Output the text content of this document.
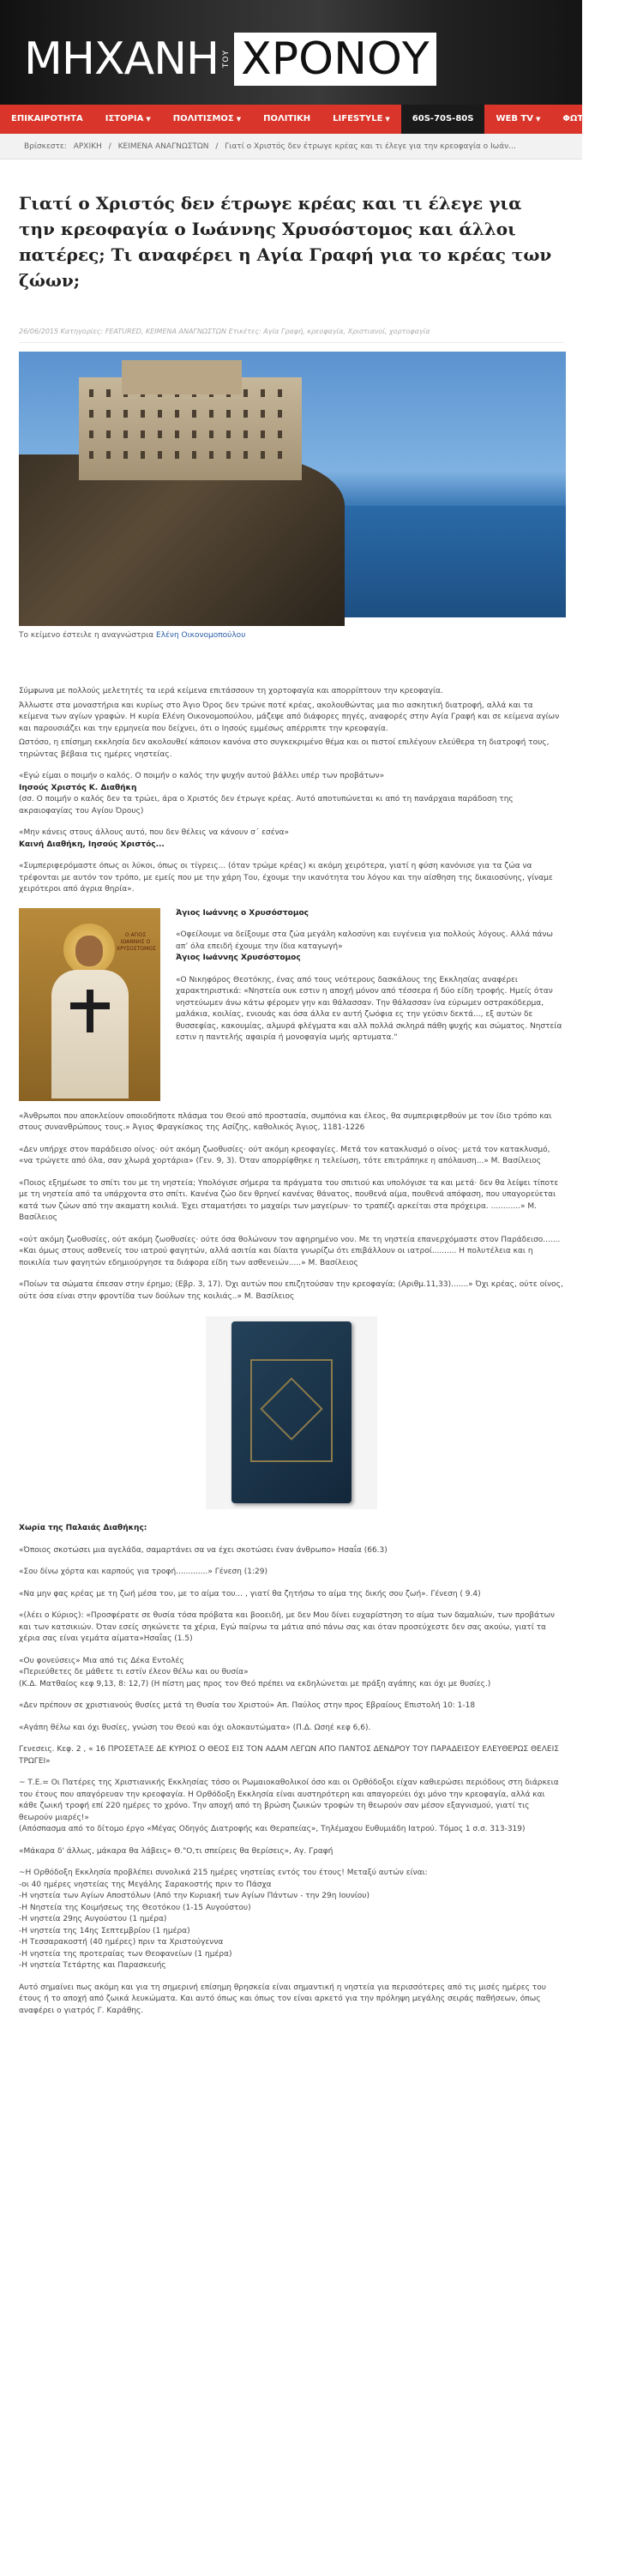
ΜΗΧΑΝΗ ΤΟΥ ΧΡΟΝΟΥ
ΕΠΙΚΑΙΡΟΤΗΤΑ	ΙΣΤΟΡΙΑ ▼	ΠΟΛΙΤΙΣΜΟΣ ▼	ΠΟΛΙΤΙΚΗ	LIFESTYLE ▼	60S-70S-80S	WEB TV ▼	ΦΩΤΟΓΡΑΦΙΑ
Βρίσκεστε: ΑΡΧΙΚΗ / ΚΕΙΜΕΝΑ ΑΝΑΓΝΩΣΤΩΝ / Γιατί ο Χριστός δεν έτρωγε κρέας και τι έλεγε για την κρεοφαγία ο Ιωάν...
Γιατί ο Χριστός δεν έτρωγε κρέας και τι έλεγε για την κρεοφαγία ο Ιωάννης Χρυσόστομος και άλλοι πατέρες; Τι αναφέρει η Αγία Γραφή για το κρέας των ζώων;
26/06/2015 Κατηγορίες: FEATURED, ΚΕΙΜΕΝΑ ΑΝΑΓΝΩΣΤΩΝ Ετικέτες: Αγία Γραφή, κρεοφαγία, Χριστιανοί, χορτοφαγία
Το κείμενο έστειλε η αναγνώστρια Ελένη Οικονομοπούλου

Σύμφωνα με πολλούς μελετητές τα ιερά κείμενα επιτάσσουν τη χορτοφαγία και απορρίπτουν την κρεοφαγία.

Άλλωστε στα μοναστήρια και κυρίως στο Άγιο Όρος δεν τρώνε ποτέ κρέας, ακολουθώντας μια πιο ασκητική διατροφή, αλλά και τα κείμενα των αγίων γραφών. Η κυρία Ελένη Οικονομοπούλου, μάζεψε από διάφορες πηγές, αναφορές στην Αγία Γραφή και σε κείμενα αγίων και παρουσιάζει και την ερμηνεία που δείχνει, ότι ο Ιησούς εμμέσως απέρριπτε την κρεοφαγία.

Ωστόσο, η επίσημη εκκλησία δεν ακολουθεί κάποιον κανόνα στο συγκεκριμένο θέμα και οι πιστοί επιλέγουν ελεύθερα τη διατροφή τους, τηρώντας βέβαια τις ημέρες νηστείας.

«Εγώ είμαι ο ποιμήν ο καλός. Ο ποιμήν ο καλός την ψυχήν αυτού βάλλει υπέρ των προβάτων»
Ιησούς Χριστός Κ. Διαθήκη
(σσ. Ο ποιμήν ο καλός δεν τα τρώει, άρα ο Χριστός δεν έτρωγε κρέας. Αυτό αποτυπώνεται κι από τη πανάρχαια παράδοση της ακραιοφαγίας του Αγίου Όρους)

«Μην κάνεις στους άλλους αυτό, που δεν θέλεις να κάνουν σ΄ εσένα»
Καινή Διαθήκη, Ιησούς Χριστός...

«Συμπεριφερόμαστε όπως οι λύκοι, όπως οι τίγρεις... (όταν τρώμε κρέας) κι ακόμη χειρότερα, γιατί η φύση κανόνισε για τα ζώα να τρέφονται με αυτόν τον τρόπο, με εμείς που με την χάρη Του, έχουμε την ικανότητα του λόγου και την αίσθηση της δικαιοσύνης, γίναμε χειρότεροι από άγρια θηρία».

Ο ΑΓΙΟΣ ΙΩΑΝΝΗΣ Ο ΧΡΥΣΟΣΤΟΜΟΣ

Άγιος Ιωάννης ο Χρυσόστομος

«Οφείλουμε να δείξουμε στα ζώα μεγάλη καλοσύνη και ευγένεια για πολλούς λόγους. Αλλά πάνω απ’ όλα επειδή έχουμε την ίδια καταγωγή»
Άγιος Ιωάννης Χρυσόστομος

«Ο Νικηφόρος Θεοτόκης, ένας από τους νεότερους δασκάλους της Εκκλησίας αναφέρει χαρακτηριστικά: «Νηστεία ουκ εστιν η αποχή μόνον από τέσσερα ή δύο είδη τροφής. Ημείς όταν νηστεύωμεν άνω κάτω φέρομεν γην και θάλασσαν. Την θάλασσαν ίνα εύρωμεν οστρακόδερμα, μαλάκια, κοιλίας, ενιουάς και όσα άλλα εν αυτή ζωόφια ες την γεύσιν δεκτά..., εξ αυτών δε θυσσεφίας, κακουμίας, αλμυρά φλέγματα και αλλ πολλά σκληρά πάθη ψυχής και σώματος. Νηστεία εστιν η παντελής αφαιρία ή μονοφαγία ωμής αρτυματα."

«Άνθρωποι που αποκλείουν οποιοδήποτε πλάσμα του Θεού από προστασία, συμπόνια και έλεος, θα συμπεριφερθούν με τον ίδιο τρόπο και στους συνανθρώπους τους.» Άγιος Φραγκίσκος της Ασίζης, καθολικός Άγιος, 1181-1226

«Δεν υπήρχε στον παράδεισο οίνος· ούτ ακόμη ζωοθυσίες· ούτ ακόμη κρεοφαγίες. Μετά τον κατακλυσμό ο οίνος· μετά τον κατακλυσμό, «να τρώγετε από όλα, σαν χλωρά χορτάρια» (Γεν. 9, 3). Όταν απορρίφθηκε η τελείωση, τότε επιτράπηκε η απόλαυση...» Μ. Βασίλειος

«Ποιος εξημέωσε το σπίτι του με τη νηστεία; Υπολόγισε σήμερα τα πράγματα του σπιτιού και υπολόγισε τα και μετά· δεν θα λείψει τίποτε με τη νηστεία από τα υπάρχοντα στο σπίτι. Κανένα ζώο δεν θρηνεί κανένας θάνατος, πουθενά αίμα, πουθενά απόφαση, που υπαγορεύεται κατά των ζώων από την ακαματη κοιλιά. Έχει σταματήσει το μαχαίρι των μαγείρων· το τραπέζι αρκείται στα πρόχειρα. ............» Μ. Βασίλειος

«ούτ ακόμη ζωοθυσίες, ούτ ακόμη ζωοθυσίες· ούτε όσα θολώνουν τον αφηρημένο νου. Με τη νηστεία επανερχόμαστε στον Παράδεισο.......
«Και όμως στους ασθενείς του ιατρού φαγητών, αλλά ασιτία και δίαιτα γνωρίζω ότι επιβάλλουν οι ιατροί.......... Η πολυτέλεια και η ποικιλία των φαγητών εδημιούργησε τα διάφορα είδη των ασθενειών.....» Μ. Βασίλειος

«Ποίων τα σώματα έπεσαν στην έρημο; (Εβρ. 3, 17). Όχι αυτών που επιζητούσαν την κρεοφαγία; (Αριθμ.11,33).......» Όχι κρέας, ούτε οίνος, ούτε όσα είναι στην φροντίδα των δούλων της κοιλιάς..» Μ. Βασίλειος

Χωρία της Παλαιάς Διαθήκης:

«Όποιος σκοτώσει μια αγελάδα, σαμαρτάνει σα να έχει σκοτώσει έναν άνθρωπο» Ησαΐα (66.3)

«Σου δίνω χόρτα και καρπούς για τροφή.............» Γένεση (1:29)

«Να μην φας κρέας με τη ζωή μέσα του, με το αίμα του... , γιατί θα ζητήσω το αίμα της δικής σου ζωή». Γένεση ( 9.4)

«(λέει ο Κύριος): «Προσφέρατε σε θυσία τόσα πρόβατα και βοοειδή, με δεν Μου δίνει ευχαρίστηση το αίμα των δαμαλιών, των προβάτων και των κατσικιών. Όταν εσείς σηκώνετε τα χέρια, Εγώ παίρνω τα μάτια από πάνω σας και όταν προσεύχεστε δεν σας ακούω, γιατί τα χέρια σας είναι γεμάτα αίματα»Ησαΐας (1.5)

«Ου φονεύσεις» Μια από τις Δέκα Εντολές
«Περιεύθετες δε μάθετε τι εστίν έλεον θέλω και ου θυσία»
(Κ.Δ. Ματθαίος κεφ 9,13, 8: 12,7) (Η πίστη μας προς τον Θεό πρέπει να εκδηλώνεται με πράξη αγάπης και όχι με θυσίες.)

«Δεν πρέπουν σε χριστιανούς θυσίες μετά τη Θυσία του Χριστού» Απ. Παύλος στην προς Εβραίους Επιστολή 10: 1-18

«Αγάπη θέλω και όχι θυσίες, γνώση του Θεού και όχι ολοκαυτώματα» (Π.Δ. Ωσηέ κεφ 6,6).

Γενεσεις. Κεφ. 2 , « 16 ΠΡΟΣΕΤΑΞΕ ΔΕ ΚΥΡΙΟΣ Ο ΘΕΟΣ ΕΙΣ ΤΟΝ ΑΔΑΜ ΛΕΓΩΝ ΑΠΟ ΠΑΝΤΟΣ ΔΕΝΔΡΟΥ ΤΟΥ ΠΑΡΑΔΕΙΣΟΥ ΕΛΕΥΘΕΡΩΣ ΘΕΛΕΙΣ ΤΡΩΓΕΙ»

~ Τ.Ε.= Οι Πατέρες της Χριστιανικής Εκκλησίας τόσο οι Ρωμαιοκαθολικοί όσο και οι Ορθόδοξοι είχαν καθιερώσει περιόδους στη διάρκεια του έτους που απαγόρευαν την κρεοφαγία. Η Ορθόδοξη Εκκλησία είναι αυστηρότερη και απαγορεύει όχι μόνο την κρεοφαγία, αλλά και κάθε ζωική τροφή επί 220 ημέρες το χρόνο. Την αποχή από τη βρώση ζωικών τροφών τη θεωρούν σαν μέσον εξαγνισμού, γιατί τις θεωρούν μιαρές!»
(Απόσπασμα από το δίτομο έργο «Μέγας Οδηγός Διατροφής και Θεραπείας», Τηλέμαχου Ευθυμιάδη Ιατρού. Τόμος 1 σ.σ. 313-319)

«Μάκαρα δ' άλλως, μάκαρα θα λάβεις» Θ."Ο,τι σπείρεις θα θερίσεις», Αγ. Γραφή

~Η Ορθόδοξη Εκκλησία προβλέπει συνολικά 215 ημέρες νηστείας εντός του έτους! Μεταξύ αυτών είναι:

-οι 40 ημέρες νηστείας της Μεγάλης Σαρακοστής πριν το Πάσχα

-Η νηστεία των Αγίων Αποστόλων (Από την Κυριακή των Αγίων Πάντων - την 29η Ιουνίου)

-Η Νηστεία της Κοιμήσεως της Θεοτόκου (1-15 Αυγούστου)

-Η νηστεία 29ης Αυγούστου (1 ημέρα)

-Η νηστεία της 14ης Σεπτεμβρίου (1 ημέρα)

-Η Τεσσαρακοστή (40 ημέρες) πριν τα Χριστούγεννα

-Η νηστεία της προτεραίας των Θεοφανείων (1 ημέρα)

-Η νηστεία Τετάρτης και Παρασκευής

Αυτό σημαίνει πως ακόμη και για τη σημερινή επίσημη θρησκεία είναι σημαντική η νηστεία για περισσότερες από τις μισές ημέρες του έτους ή το αποχή από ζωικά λευκώματα. Και αυτό όπως και όπως τον είναι αρκετό για την πρόληψη μεγάλης σειράς παθήσεων, όπως αναφέρει ο γιατρός Γ. Καράθης.
